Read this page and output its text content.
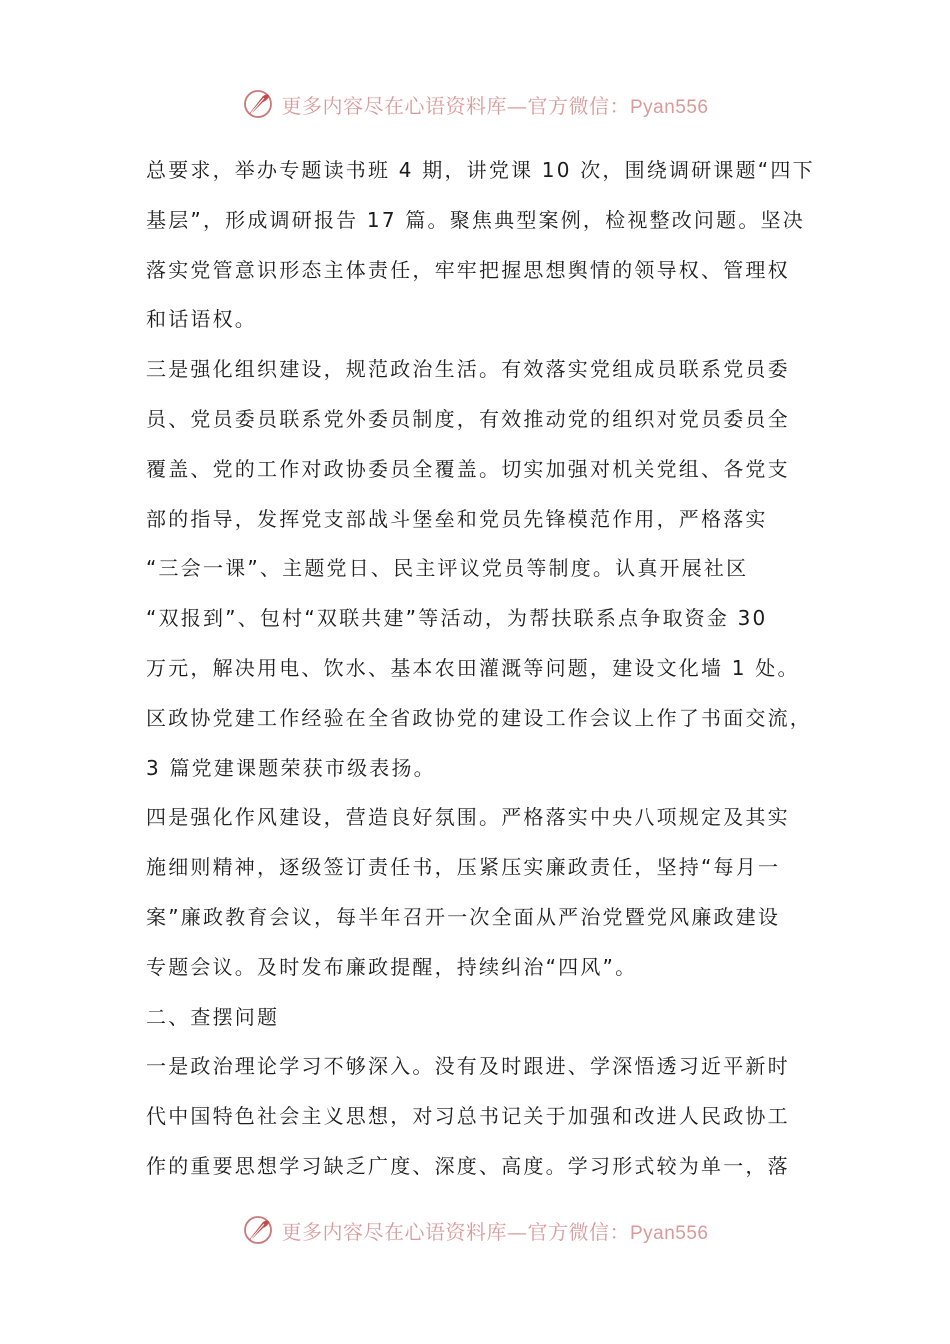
更多内容尽在心语资料库—官方微信：Pyan556
总要求，举办专题读书班 4 期，讲党课 10 次，围绕调研课题“四下
基层”，形成调研报告 17 篇。聚焦典型案例，检视整改问题。坚决
落实党管意识形态主体责任，牢牢把握思想舆情的领导权、管理权
和话语权。
三是强化组织建设，规范政治生活。有效落实党组成员联系党员委
员、党员委员联系党外委员制度，有效推动党的组织对党员委员全
覆盖、党的工作对政协委员全覆盖。切实加强对机关党组、各党支
部的指导，发挥党支部战斗堡垒和党员先锋模范作用，严格落实
“三会一课”、主题党日、民主评议党员等制度。认真开展社区
“双报到”、包村“双联共建”等活动，为帮扶联系点争取资金 30
万元，解决用电、饮水、基本农田灌溉等问题，建设文化墙 1 处。
区政协党建工作经验在全省政协党的建设工作会议上作了书面交流，
3 篇党建课题荣获市级表扬。
四是强化作风建设，营造良好氛围。严格落实中央八项规定及其实
施细则精神，逐级签订责任书，压紧压实廉政责任，坚持“每月一
案”廉政教育会议，每半年召开一次全面从严治党暨党风廉政建设
专题会议。及时发布廉政提醒，持续纠治“四风”。
二、查摆问题
一是政治理论学习不够深入。没有及时跟进、学深悟透习近平新时
代中国特色社会主义思想，对习总书记关于加强和改进人民政协工
作的重要思想学习缺乏广度、深度、高度。学习形式较为单一，落
更多内容尽在心语资料库—官方微信：Pyan556
